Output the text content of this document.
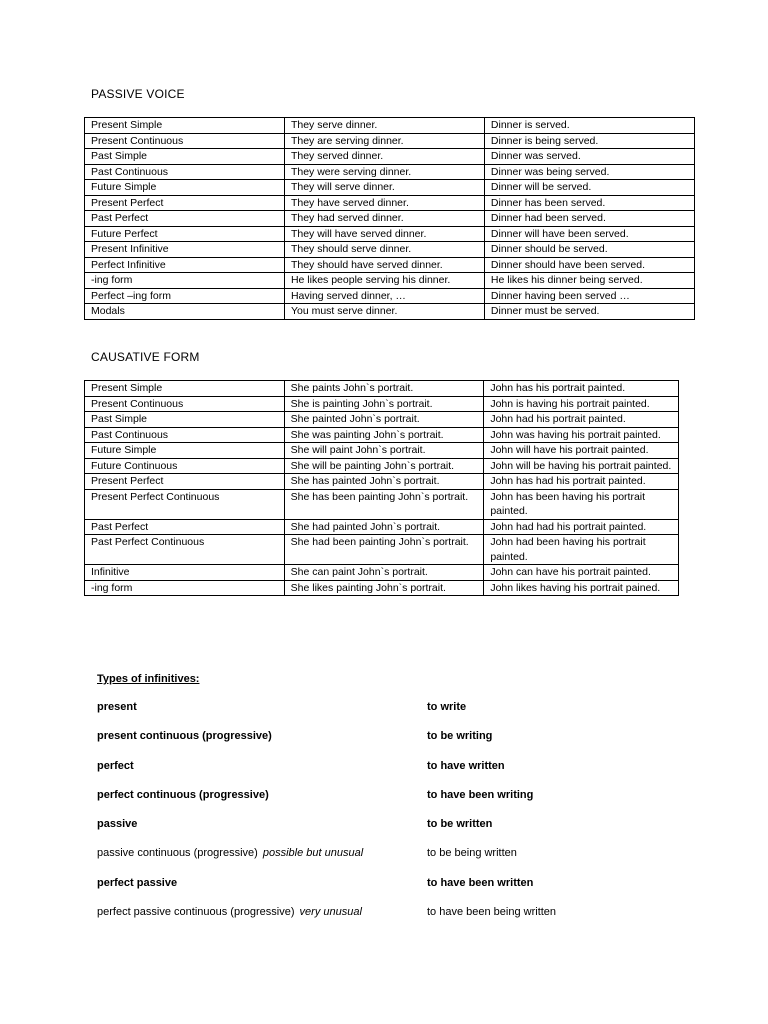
PASSIVE VOICE
Present Simple	They serve dinner.	Dinner is served.
Present Continuous	They are serving dinner.	Dinner is being served.
Past Simple	They served dinner.	Dinner was served.
Past Continuous	They were serving dinner.	Dinner was being served.
Future Simple	They will serve dinner.	Dinner will be served.
Present Perfect	They have served dinner.	Dinner has been served.
Past Perfect	They had served dinner.	Dinner had been served.
Future Perfect	They will have served dinner.	Dinner will have been served.
Present Infinitive	They should serve dinner.	Dinner should be served.
Perfect Infinitive	They should have served dinner.	Dinner should have been served.
-ing form	He likes people serving his dinner.	He likes his dinner being served.
Perfect –ing form	Having served dinner, …	Dinner having been served …
Modals	You must serve dinner.	Dinner must be served.
CAUSATIVE FORM
Present Simple	She paints John`s portrait.	John has his portrait painted.
Present Continuous	She is painting John`s portrait.	John is having his portrait painted.
Past Simple	She painted John`s portrait.	John had his portrait painted.
Past Continuous	She was painting John`s portrait.	John was having his portrait painted.
Future Simple	She will paint John`s portrait.	John will have his portrait painted.
Future Continuous	She will be painting John`s portrait.	John will be having his portrait painted.
Present Perfect	She has painted John`s portrait.	John has had his portrait painted.
Present Perfect Continuous	She has been painting John`s portrait.	John has been having his portrait painted.
Past Perfect	She had painted John`s portrait.	John had had his portrait painted.
Past Perfect Continuous	She had been painting John`s portrait.	John had been having his portrait painted.
Infinitive	She can paint John`s portrait.	John can have his portrait painted.
-ing form	She likes painting John`s portrait.	John likes having his portrait pained.
Types of infinitives:
present	to write
present continuous (progressive)	to be writing
perfect	to have written
perfect continuous (progressive)	to have been writing
passive	to be written
passive continuous (progressive) possible but unusual	to be being written
perfect passive	to have been written
perfect passive continuous (progressive) very unusual	to have been being written
